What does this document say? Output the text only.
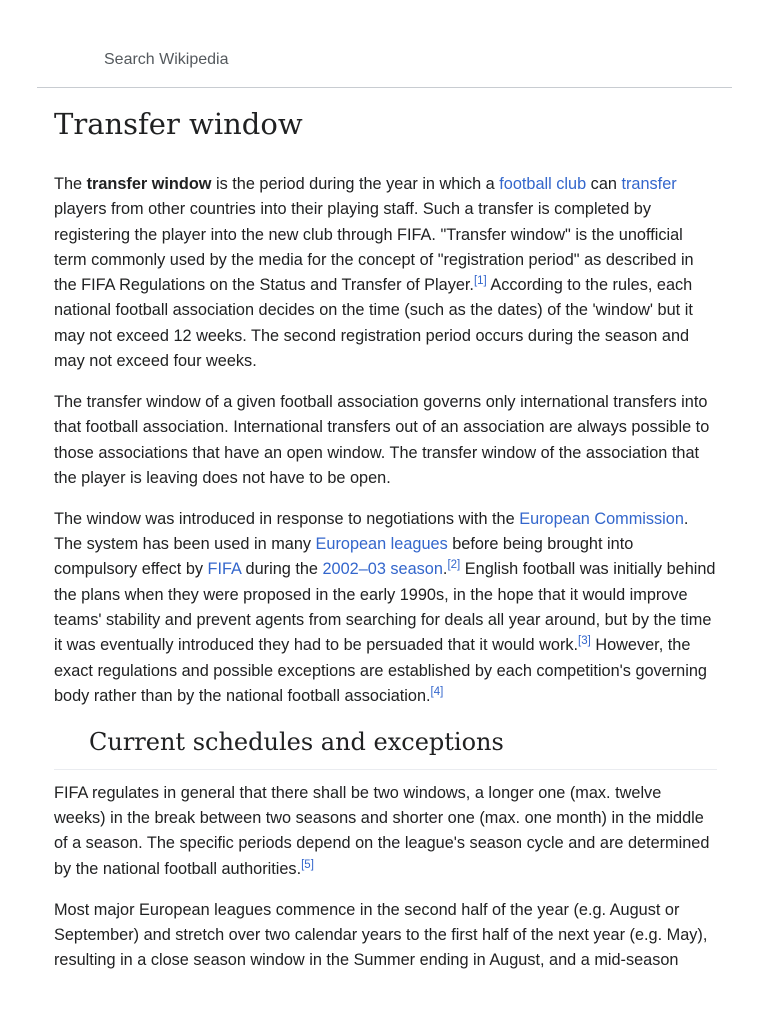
Search Wikipedia
Transfer window

The transfer window is the period during the year in which a football club can transfer players from other countries into their playing staff. Such a transfer is completed by registering the player into the new club through FIFA. "Transfer window" is the unofficial term commonly used by the media for the concept of "registration period" as described in the FIFA Regulations on the Status and Transfer of Player.[1] According to the rules, each national football association decides on the time (such as the dates) of the 'window' but it may not exceed 12 weeks. The second registration period occurs during the season and may not exceed four weeks.

The transfer window of a given football association governs only international transfers into that football association. International transfers out of an association are always possible to those associations that have an open window. The transfer window of the association that the player is leaving does not have to be open.

The window was introduced in response to negotiations with the European Commission. The system has been used in many European leagues before being brought into compulsory effect by FIFA during the 2002–03 season.[2] English football was initially behind the plans when they were proposed in the early 1990s, in the hope that it would improve teams' stability and prevent agents from searching for deals all year around, but by the time it was eventually introduced they had to be persuaded that it would work.[3] However, the exact regulations and possible exceptions are established by each competition's governing body rather than by the national football association.[4]

Current schedules and exceptions

FIFA regulates in general that there shall be two windows, a longer one (max. twelve weeks) in the break between two seasons and shorter one (max. one month) in the middle of a season. The specific periods depend on the league's season cycle and are determined by the national football authorities.[5]

Most major European leagues commence in the second half of the year (e.g. August or September) and stretch over two calendar years to the first half of the next year (e.g. May), resulting in a close season window in the Summer ending in August, and a mid-season
